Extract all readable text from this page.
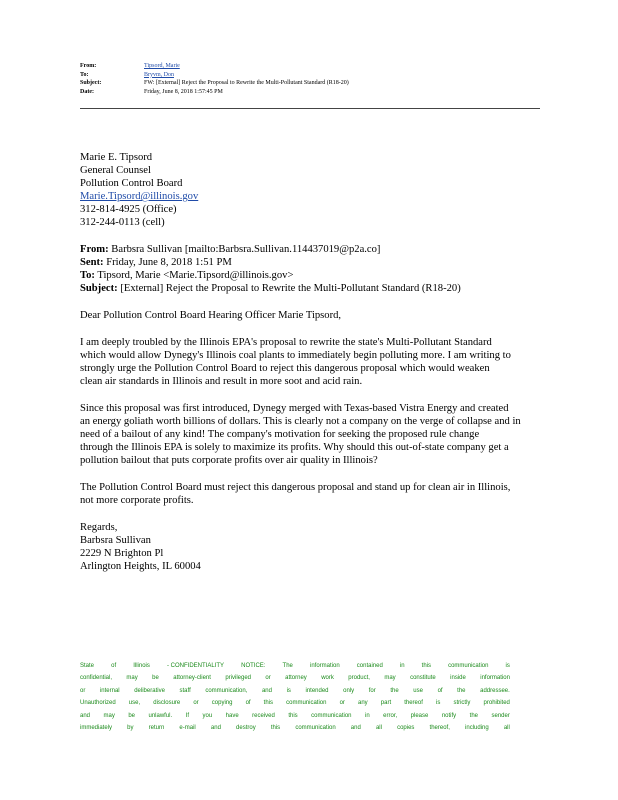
From:	Tipsord, Marie
To:	Bryvm, Don
Subject:	FW: [External] Reject the Proposal to Rewrite the Multi-Pollutant Standard (R18-20)
Date:	Friday, June 8, 2018 1:57:45 PM
Marie E. Tipsord
General Counsel
Pollution Control Board
Marie.Tipsord@illinois.gov
312-814-4925 (Office)
312-244-0113 (cell)
From: Barbsra Sullivan [mailto:Barbsra.Sullivan.114437019@p2a.co]
Sent: Friday, June 8, 2018 1:51 PM
To: Tipsord, Marie <Marie.Tipsord@illinois.gov>
Subject: [External] Reject the Proposal to Rewrite the Multi-Pollutant Standard (R18-20)
Dear Pollution Control Board Hearing Officer Marie Tipsord,
I am deeply troubled by the Illinois EPA's proposal to rewrite the state's Multi-Pollutant Standard
which would allow Dynegy's Illinois coal plants to immediately begin polluting more. I am writing to
strongly urge the Pollution Control Board to reject this dangerous proposal which would weaken
clean air standards in Illinois and result in more soot and acid rain.
Since this proposal was first introduced, Dynegy merged with Texas-based Vistra Energy and created
an energy goliath worth billions of dollars. This is clearly not a company on the verge of collapse and in
need of a bailout of any kind! The company's motivation for seeking the proposed rule change
through the Illinois EPA is solely to maximize its profits. Why should this out-of-state company get a
pollution bailout that puts corporate profits over air quality in Illinois?
The Pollution Control Board must reject this dangerous proposal and stand up for clean air in Illinois,
not more corporate profits.
Regards,
Barbsra Sullivan
2229 N Brighton Pl
Arlington Heights, IL 60004
State	of	Illinois	- CONFIDENTIALITY	NOTICE:	The	information	contained	in	this	communication	is
confidential, may be attorney-client privileged or attorney work product, may constitute inside information
or internal deliberative staff communication, and is intended only for the use of the addressee.
Unauthorized use, disclosure or copying of this communication or any part thereof is strictly prohibited
and may be unlawful. If you have received this communication in error, please notify the sender
immediately	by	return	e-mail	and	destroy	this	communication	and	all	copies	thereof,	including	all
